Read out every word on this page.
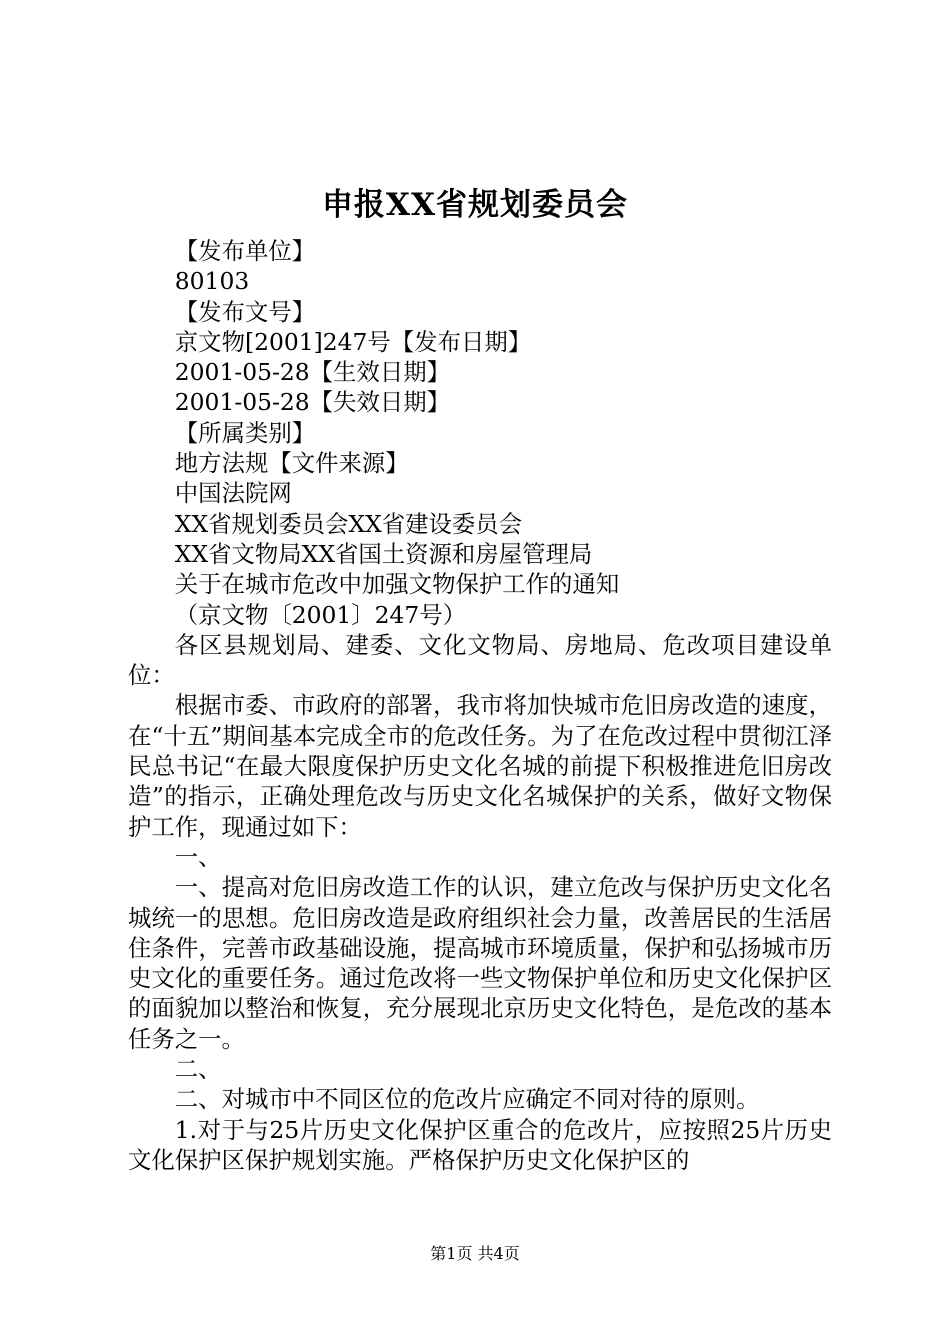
申报XX省规划委员会

【发布单位】

80103

【发布文号】

京文物[2001]247号【发布日期】

2001-05-28【生效日期】

2001-05-28【失效日期】

【所属类别】

地方法规【文件来源】

中国法院网

XX省规划委员会XX省建设委员会

XX省文物局XX省国土资源和房屋管理局

关于在城市危改中加强文物保护工作的通知

（京文物〔2001〕247号）

各区县规划局、建委、文化文物局、房地局、危改项目建设单位：

根据市委、市政府的部署，我市将加快城市危旧房改造的速度，在“十五”期间基本完成全市的危改任务。为了在危改过程中贯彻江泽民总书记“在最大限度保护历史文化名城的前提下积极推进危旧房改造”的指示，正确处理危改与历史文化名城保护的关系，做好文物保护工作，现通过如下：

一、

一、提高对危旧房改造工作的认识，建立危改与保护历史文化名城统一的思想。危旧房改造是政府组织社会力量，改善居民的生活居住条件，完善市政基础设施，提高城市环境质量，保护和弘扬城市历史文化的重要任务。通过危改将一些文物保护单位和历史文化保护区的面貌加以整治和恢复，充分展现北京历史文化特色，是危改的基本任务之一。

二、

二、对城市中不同区位的危改片应确定不同对待的原则。

1.对于与25片历史文化保护区重合的危改片，应按照25片历史文化保护区保护规划实施。严格保护历史文化保护区的

第1页 共4页
